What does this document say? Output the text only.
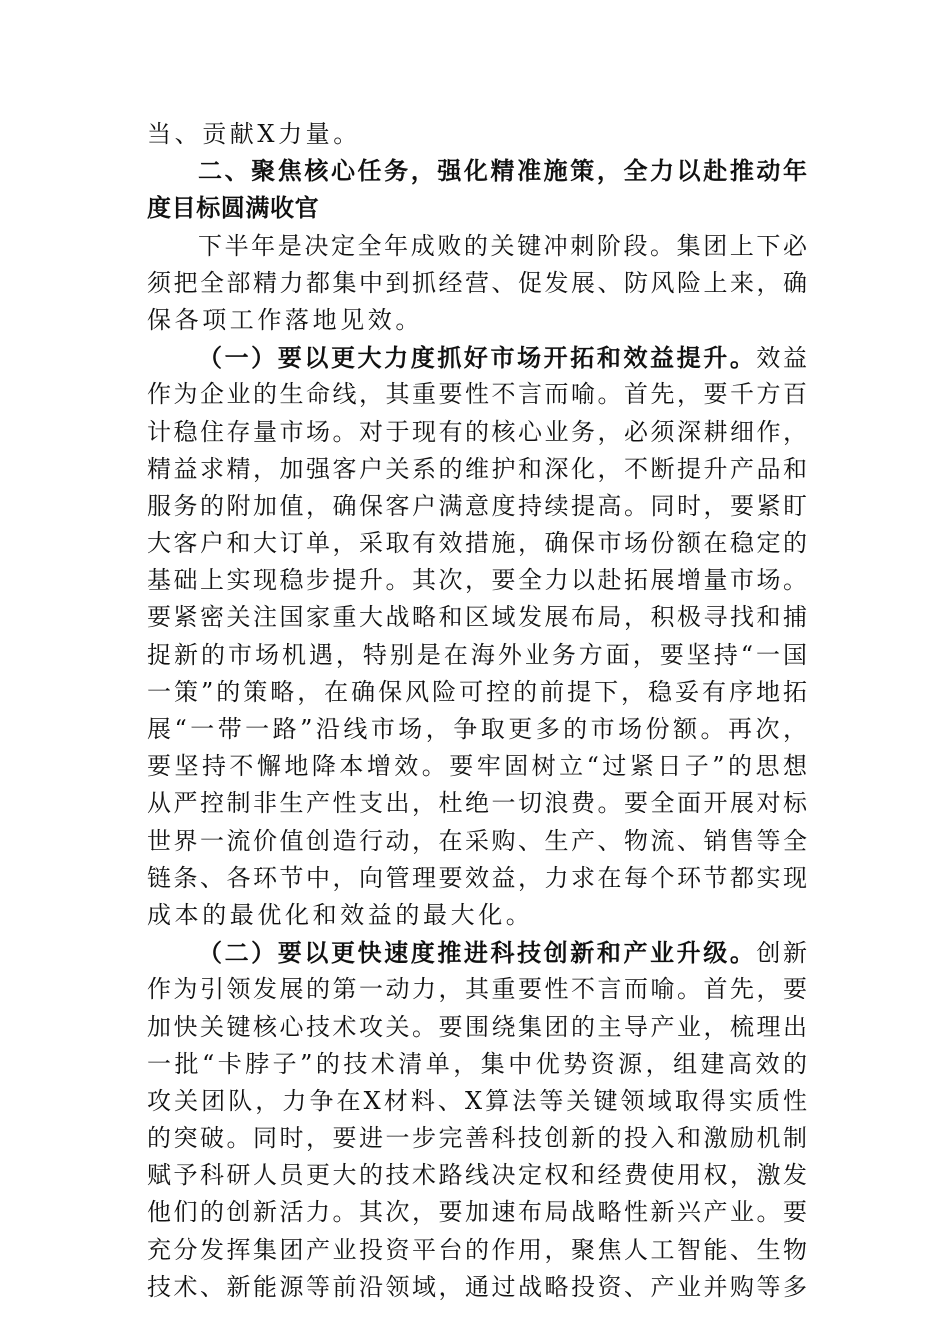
当、贡献X力量。
二、聚焦核心任务，强化精准施策，全力以赴推动年
度目标圆满收官
下半年是决定全年成败的关键冲刺阶段。集团上下必
须把全部精力都集中到抓经营、促发展、防风险上来，确
保各项工作落地见效。
（一）要以更大力度抓好市场开拓和效益提升。效益
作为企业的生命线，其重要性不言而喻。首先，要千方百
计稳住存量市场。对于现有的核心业务，必须深耕细作，
精益求精，加强客户关系的维护和深化，不断提升产品和
服务的附加值，确保客户满意度持续提高。同时，要紧盯
大客户和大订单，采取有效措施，确保市场份额在稳定的
基础上实现稳步提升。其次，要全力以赴拓展增量市场。
要紧密关注国家重大战略和区域发展布局，积极寻找和捕
捉新的市场机遇，特别是在海外业务方面，要坚持“一国
一策”的策略，在确保风险可控的前提下，稳妥有序地拓
展“一带一路”沿线市场，争取更多的市场份额。再次，
要坚持不懈地降本增效。要牢固树立“过紧日子”的思想
从严控制非生产性支出，杜绝一切浪费。要全面开展对标
世界一流价值创造行动，在采购、生产、物流、销售等全
链条、各环节中，向管理要效益，力求在每个环节都实现
成本的最优化和效益的最大化。
（二）要以更快速度推进科技创新和产业升级。创新
作为引领发展的第一动力，其重要性不言而喻。首先，要
加快关键核心技术攻关。要围绕集团的主导产业，梳理出
一批“卡脖子”的技术清单，集中优势资源，组建高效的
攻关团队，力争在X材料、X算法等关键领域取得实质性
的突破。同时，要进一步完善科技创新的投入和激励机制
赋予科研人员更大的技术路线决定权和经费使用权，激发
他们的创新活力。其次，要加速布局战略性新兴产业。要
充分发挥集团产业投资平台的作用，聚焦人工智能、生物
技术、新能源等前沿领域，通过战略投资、产业并购等多
